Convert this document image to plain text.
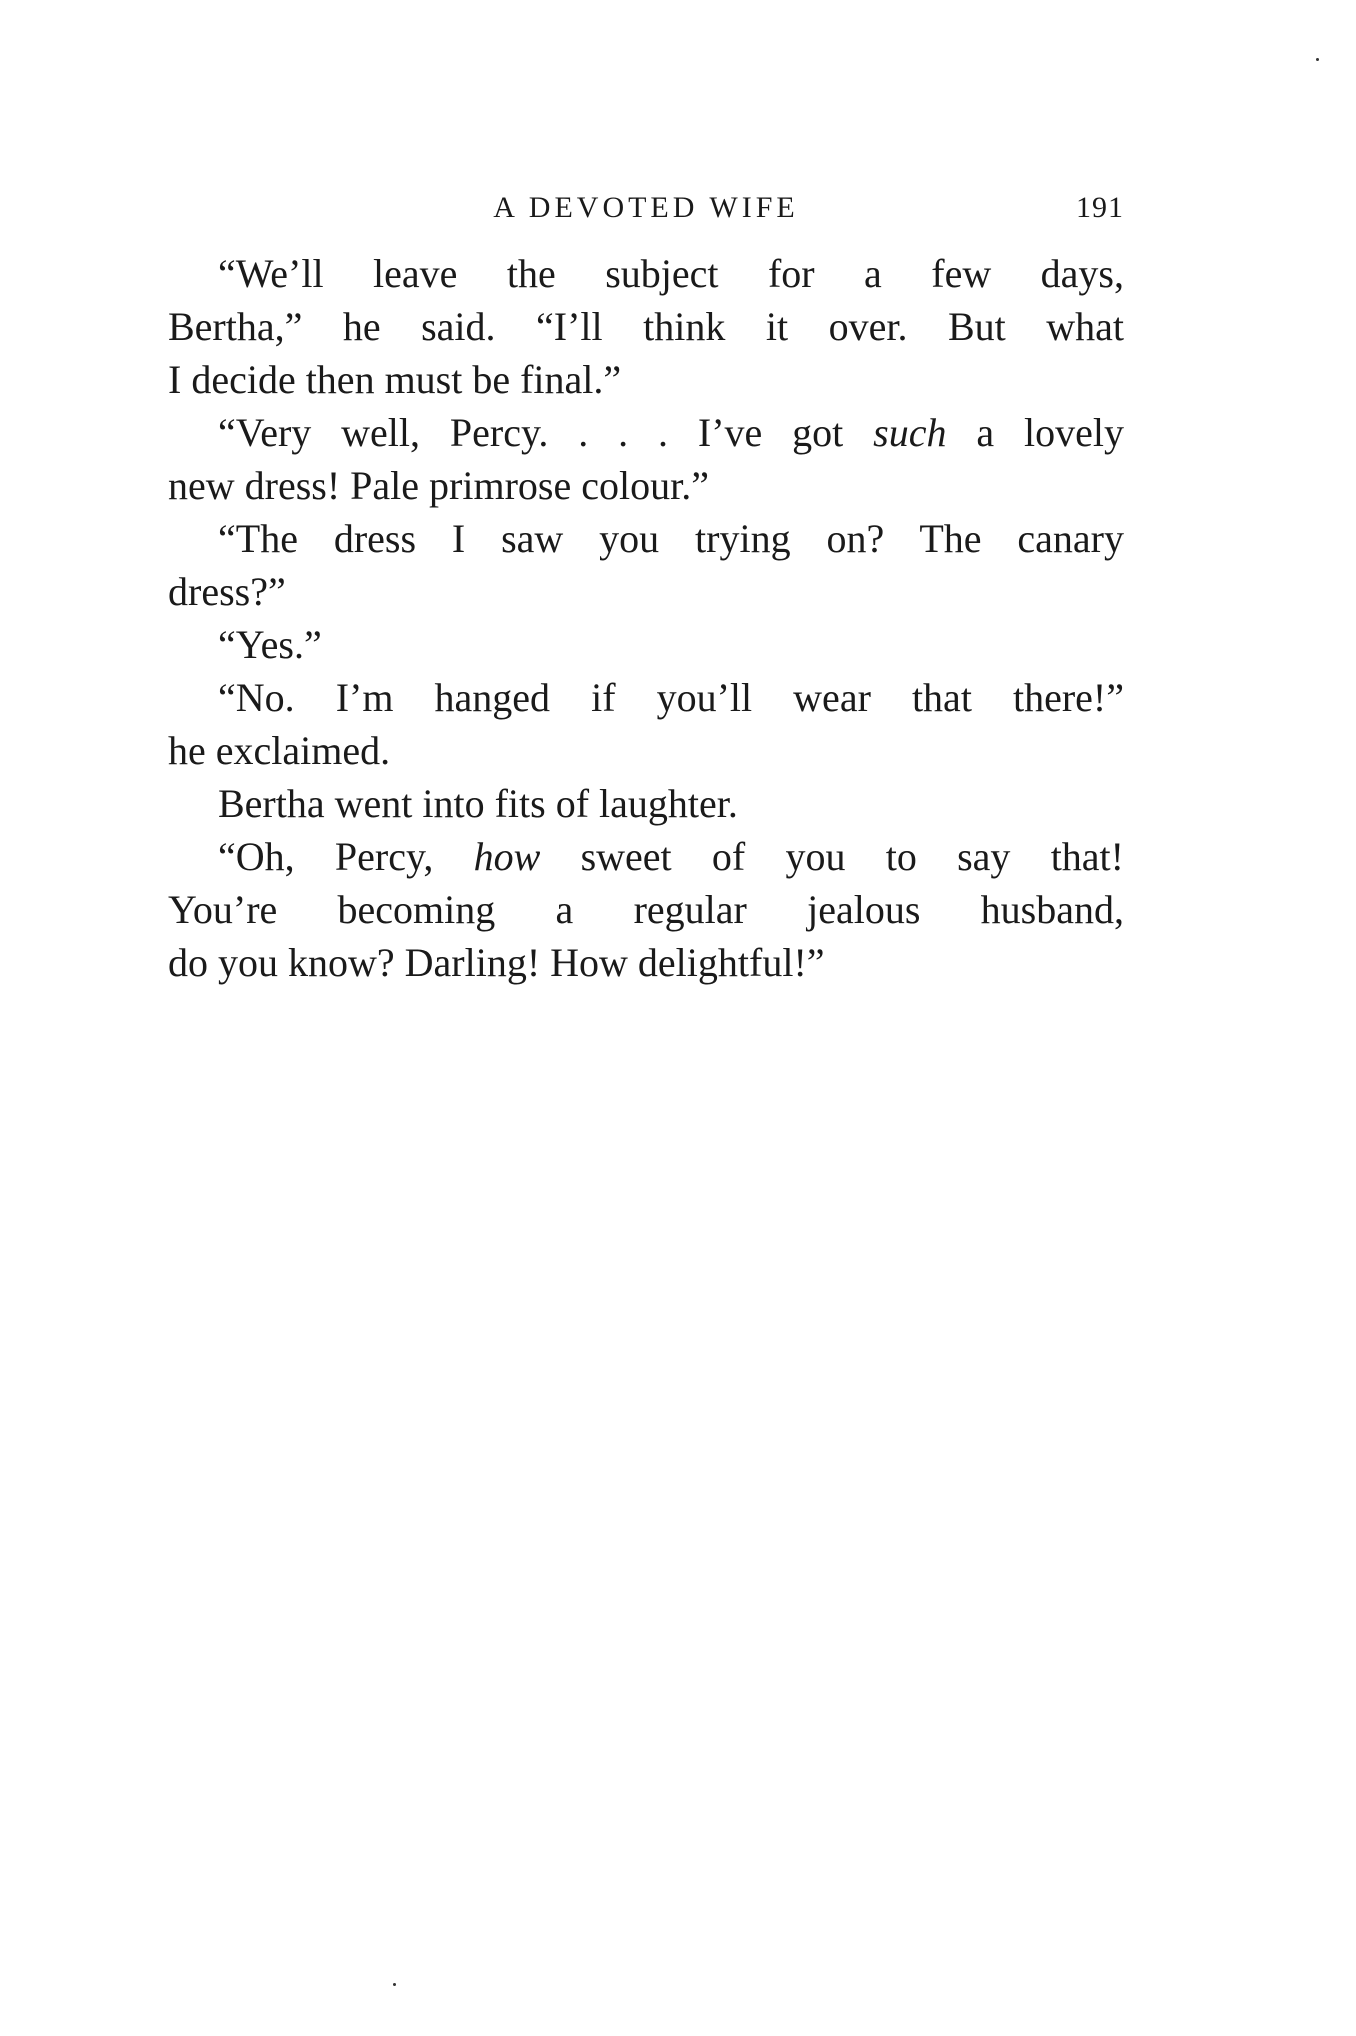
A DEVOTED WIFE	191

“We’ll leave the subject for a few days,
Bertha,” he said. “I’ll think it over. But what
I decide then must be final.”

“Very well, Percy. . . . I’ve got such a lovely
new dress! Pale primrose colour.”

“The dress I saw you trying on? The canary
dress?”

“Yes.”

“No. I’m hanged if you’ll wear that there!”
he exclaimed.

Bertha went into fits of laughter.

“Oh, Percy, how sweet of you to say that!
You’re becoming a regular jealous husband,
do you know? Darling! How delightful!”
